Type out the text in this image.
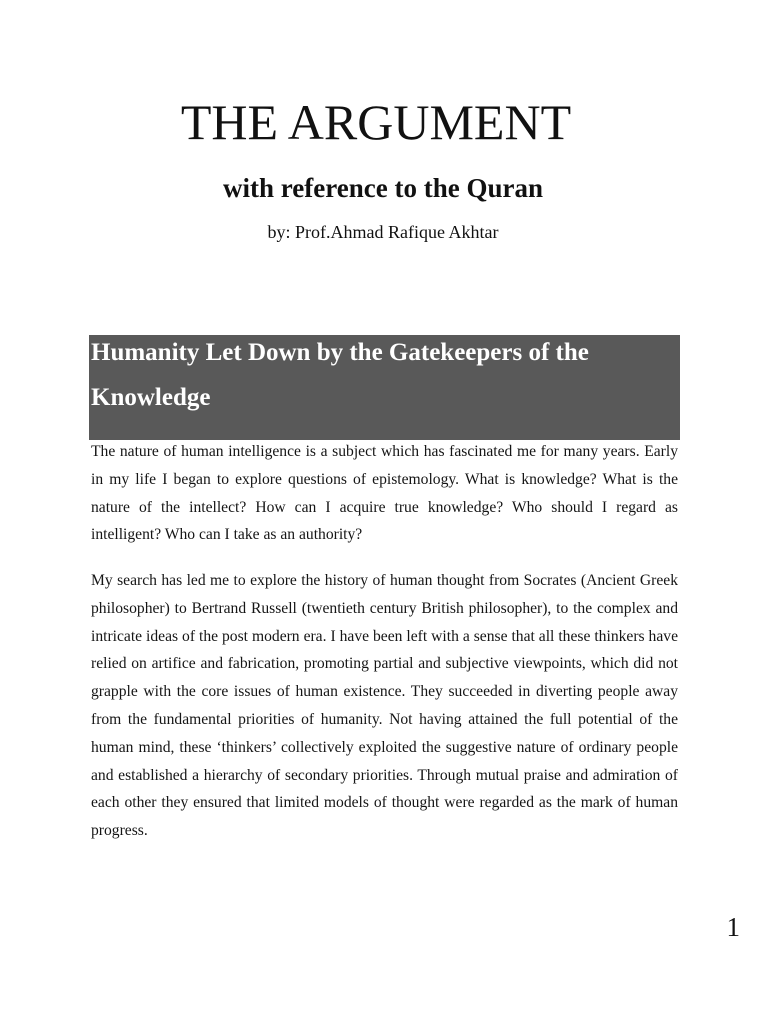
THE ARGUMENT
with reference to the Quran

by: Prof.Ahmad Rafique Akhtar

Humanity Let Down by the Gatekeepers of the Knowledge

The nature of human intelligence is a subject which has fascinated me for many years. Early in my life I began to explore questions of epistemology. What is knowledge? What is the nature of the intellect? How can I acquire true knowledge? Who should I regard as intelligent? Who can I take as an authority?

My search has led me to explore the history of human thought from Socrates (Ancient Greek philosopher) to Bertrand Russell (twentieth century British philosopher), to the complex and intricate ideas of the post modern era. I have been left with a sense that all these thinkers have relied on artifice and fabrication, promoting partial and subjective viewpoints, which did not grapple with the core issues of human existence. They succeeded in diverting people away from the fundamental priorities of humanity. Not having attained the full potential of the human mind, these ‘thinkers’ collectively exploited the suggestive nature of ordinary people and established a hierarchy of secondary priorities. Through mutual praise and admiration of each other they ensured that limited models of thought were regarded as the mark of human progress.

1
